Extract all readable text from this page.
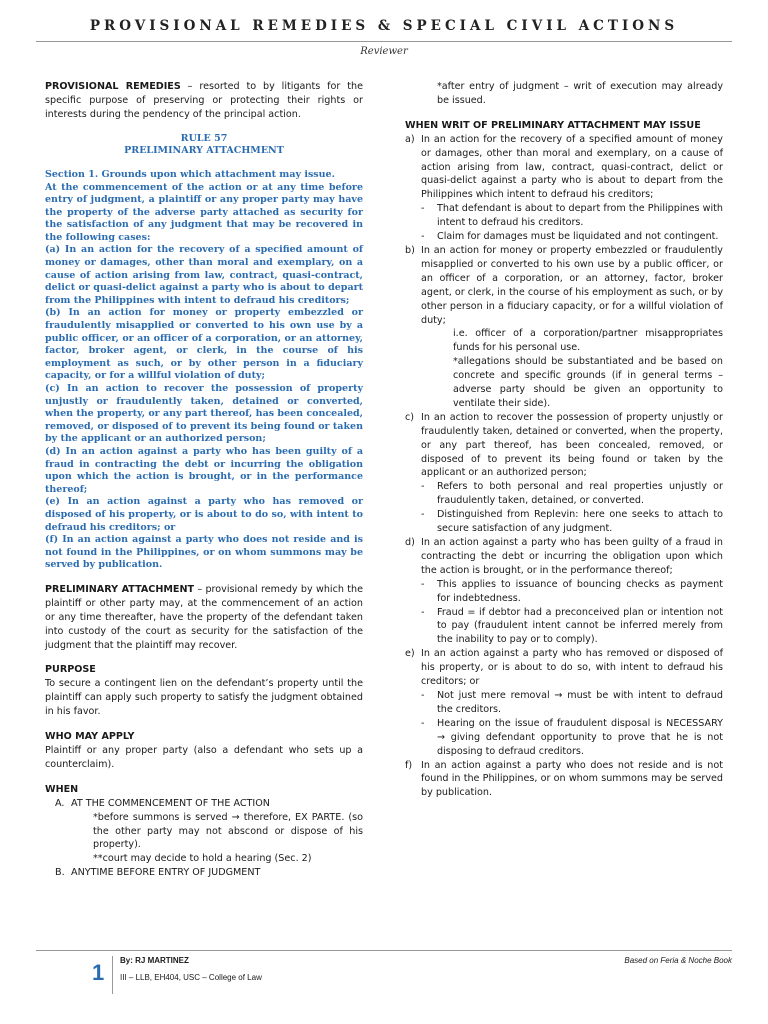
PROVISIONAL REMEDIES & SPECIAL CIVIL ACTIONS
Reviewer

PROVISIONAL REMEDIES – resorted to by litigants for the specific purpose of preserving or protecting their rights or interests during the pendency of the principal action.

RULE 57
PRELIMINARY ATTACHMENT
Section 1. Grounds upon which attachment may issue.
At the commencement of the action or at any time before entry of judgment, a plaintiff or any proper party may have the property of the adverse party attached as security for the satisfaction of any judgment that may be recovered in the following cases:
(a) In an action for the recovery of a specified amount of money or damages, other than moral and exemplary, on a cause of action arising from law, contract, quasi-contract, delict or quasi-delict against a party who is about to depart from the Philippines with intent to defraud his creditors;
(b) In an action for money or property embezzled or fraudulently misapplied or converted to his own use by a public officer, or an officer of a corporation, or an attorney, factor, broker agent, or clerk, in the course of his employment as such, or by other person in a fiduciary capacity, or for a willful violation of duty;
(c) In an action to recover the possession of property unjustly or fraudulently taken, detained or converted, when the property, or any part thereof, has been concealed, removed, or disposed of to prevent its being found or taken by the applicant or an authorized person;
(d) In an action against a party who has been guilty of a fraud in contracting the debt or incurring the obligation upon which the action is brought, or in the performance thereof;
(e) In an action against a party who has removed or disposed of his property, or is about to do so, with intent to defraud his creditors; or
(f) In an action against a party who does not reside and is not found in the Philippines, or on whom summons may be served by publication.

PRELIMINARY ATTACHMENT – provisional remedy by which the plaintiff or other party may, at the commencement of an action or any time thereafter, have the property of the defendant taken into custody of the court as security for the satisfaction of the judgment that the plaintiff may recover.

PURPOSE

To secure a contingent lien on the defendant’s property until the plaintiff can apply such property to satisfy the judgment obtained in his favor.

WHO MAY APPLY

Plaintiff or any proper party (also a defendant who sets up a counterclaim).

WHEN
A. AT THE COMMENCEMENT OF THE ACTION

*before summons is served → therefore, EX PARTE. (so the other party may not abscond or dispose of his property).

**court may decide to hold a hearing (Sec. 2)

B. ANYTIME BEFORE ENTRY OF JUDGMENT

*after entry of judgment – writ of execution may already be issued.

WHEN WRIT OF PRELIMINARY ATTACHMENT MAY ISSUE
a) In an action for the recovery of a specified amount of money or damages, other than moral and exemplary, on a cause of action arising from law, contract, quasi-contract, delict or quasi-delict against a party who is about to depart from the Philippines which intent to defraud his creditors;
-	That defendant is about to depart from the Philippines with intent to defraud his creditors.
-	Claim for damages must be liquidated and not contingent.
b) In an action for money or property embezzled or fraudulently misapplied or converted to his own use by a public officer, or an officer of a corporation, or an attorney, factor, broker agent, or clerk, in the course of his employment as such, or by other person in a fiduciary capacity, or for a willful violation of duty;

i.e. officer of a corporation/partner misappropriates funds for his personal use.

*allegations should be substantiated and be based on concrete and specific grounds (if in general terms – adverse party should be given an opportunity to ventilate their side).

c) In an action to recover the possession of property unjustly or fraudulently taken, detained or converted, when the property, or any part thereof, has been concealed, removed, or disposed of to prevent its being found or taken by the applicant or an authorized person;
-	Refers to both personal and real properties unjustly or fraudulently taken, detained, or converted.
-	Distinguished from Replevin: here one seeks to attach to secure satisfaction of any judgment.
d) In an action against a party who has been guilty of a fraud in contracting the debt or incurring the obligation upon which the action is brought, or in the performance thereof;
-	This applies to issuance of bouncing checks as payment for indebtedness.
-	Fraud = if debtor had a preconceived plan or intention not to pay (fraudulent intent cannot be inferred merely from the inability to pay or to comply).
e) In an action against a party who has removed or disposed of his property, or is about to do so, with intent to defraud his creditors; or
-	Not just mere removal → must be with intent to defraud the creditors.
-	Hearing on the issue of fraudulent disposal is NECESSARY → giving defendant opportunity to prove that he is not disposing to defraud creditors.
f) In an action against a party who does not reside and is not found in the Philippines, or on whom summons may be served by publication.
1 By: RJ MARTINEZ
III – LLB, EH404, USC – College of Law
Based on Feria & Noche Book
